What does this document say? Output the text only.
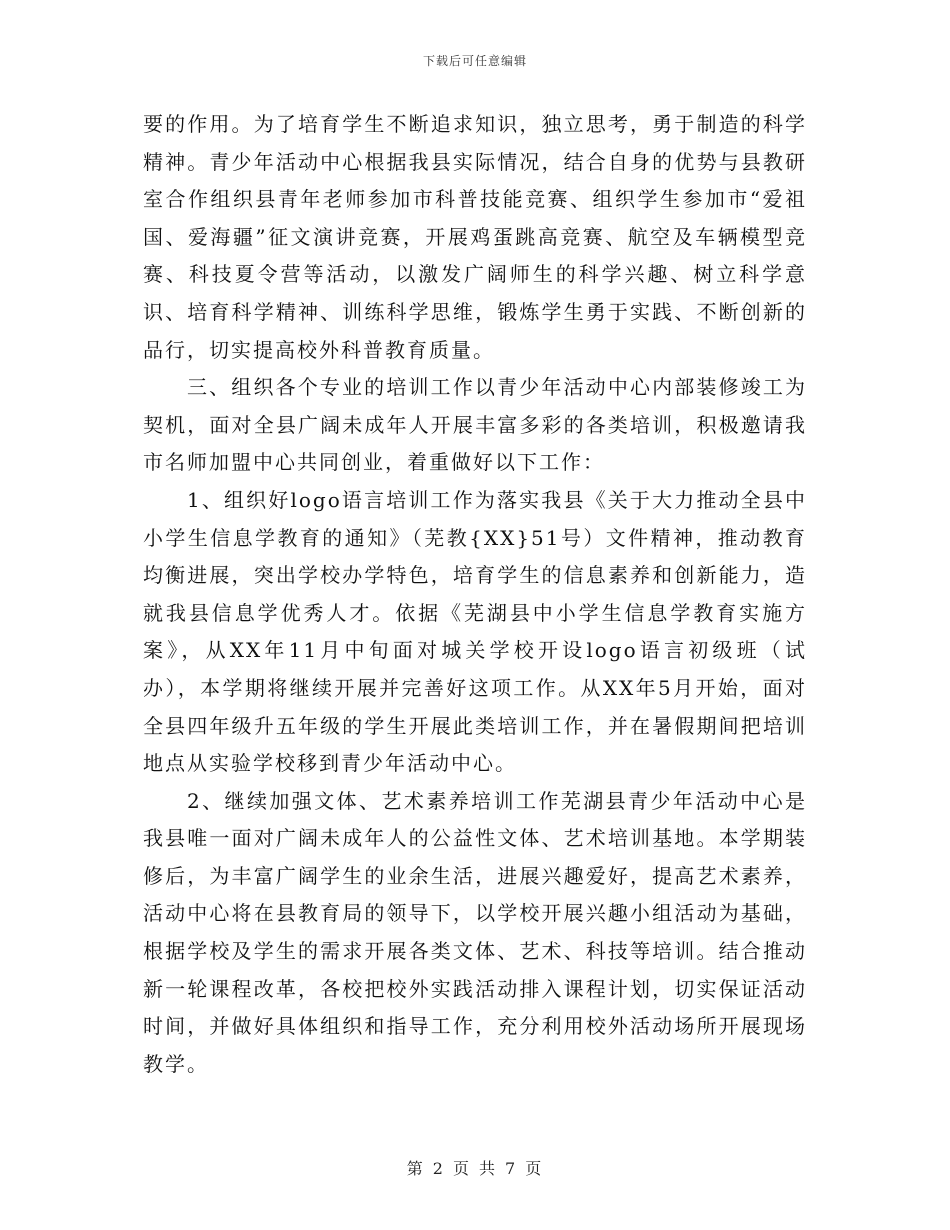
下载后可任意编辑

要的作用。为了培育学生不断追求知识，独立思考，勇于制造的科学精神。青少年活动中心根据我县实际情况，结合自身的优势与县教研室合作组织县青年老师参加市科普技能竞赛、组织学生参加市“爱祖国、爱海疆”征文演讲竞赛，开展鸡蛋跳高竞赛、航空及车辆模型竞赛、科技夏令营等活动，以激发广阔师生的科学兴趣、树立科学意识、培育科学精神、训练科学思维，锻炼学生勇于实践、不断创新的品行，切实提高校外科普教育质量。

三、组织各个专业的培训工作以青少年活动中心内部装修竣工为契机，面对全县广阔未成年人开展丰富多彩的各类培训，积极邀请我市名师加盟中心共同创业，着重做好以下工作：

1、组织好logo语言培训工作为落实我县《关于大力推动全县中小学生信息学教育的通知》（芜教{XX}51号）文件精神，推动教育均衡进展，突出学校办学特色，培育学生的信息素养和创新能力，造就我县信息学优秀人才。依据《芜湖县中小学生信息学教育实施方案》，从XX年11月中旬面对城关学校开设logo语言初级班（试办），本学期将继续开展并完善好这项工作。从XX年5月开始，面对全县四年级升五年级的学生开展此类培训工作，并在暑假期间把培训地点从实验学校移到青少年活动中心。

2、继续加强文体、艺术素养培训工作芜湖县青少年活动中心是我县唯一面对广阔未成年人的公益性文体、艺术培训基地。本学期装修后，为丰富广阔学生的业余生活，进展兴趣爱好，提高艺术素养，活动中心将在县教育局的领导下，以学校开展兴趣小组活动为基础，根据学校及学生的需求开展各类文体、艺术、科技等培训。结合推动新一轮课程改革，各校把校外实践活动排入课程计划，切实保证活动时间，并做好具体组织和指导工作，充分利用校外活动场所开展现场教学。

第 2 页 共 7 页
